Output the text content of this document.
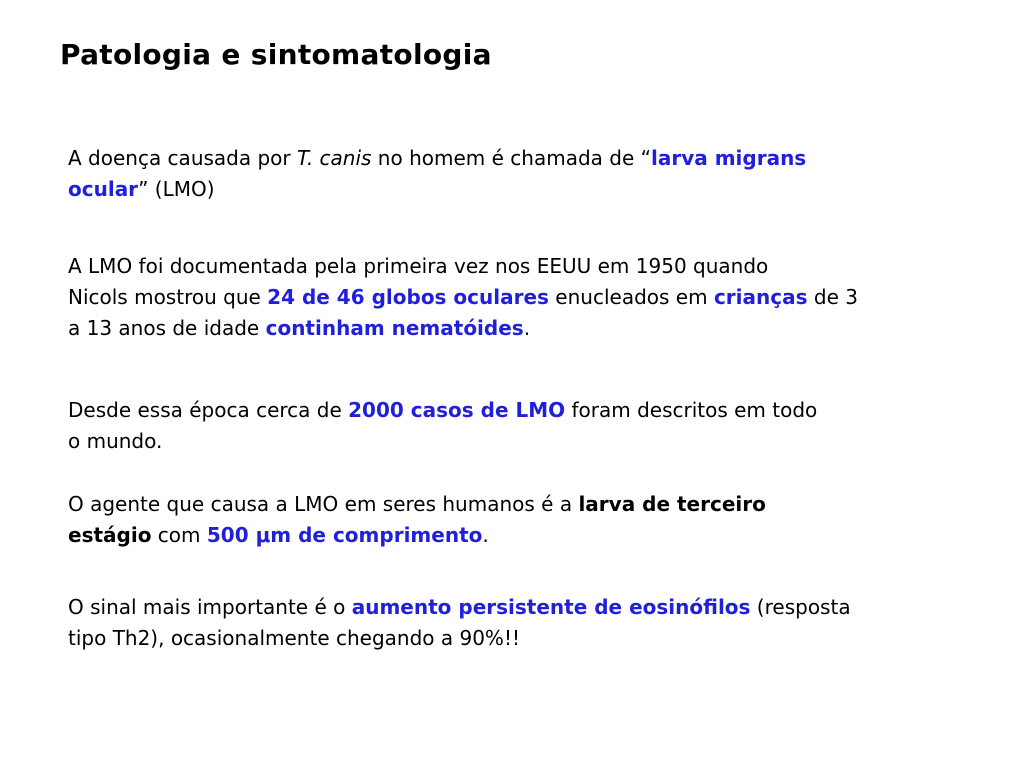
Patologia e sintomatologia

A doença causada por T. canis no homem é chamada de “larva migrans
ocular” (LMO)

A LMO foi documentada pela primeira vez nos EEUU em 1950 quando
Nicols mostrou que 24 de 46 globos oculares enucleados em crianças de 3
a 13 anos de idade continham nematóides.

Desde essa época cerca de 2000 casos de LMO foram descritos em todo
o mundo.

O agente que causa a LMO em seres humanos é a larva de terceiro
estágio com 500 μm de comprimento.

O sinal mais importante é o aumento persistente de eosinófilos (resposta
tipo Th2), ocasionalmente chegando a 90%!!
